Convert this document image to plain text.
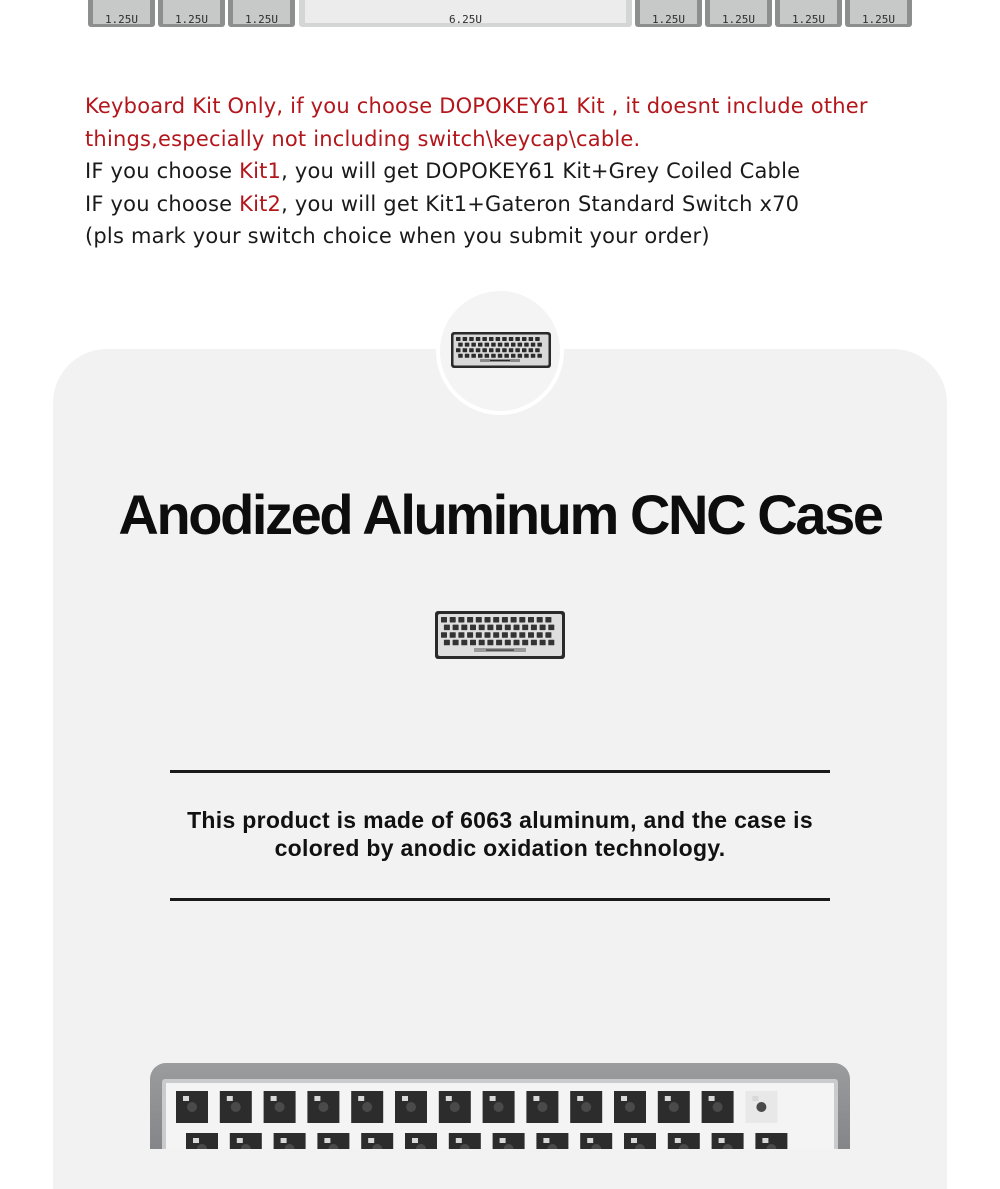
1.25U	1.25U	1.25U	6.25U	1.25U	1.25U	1.25U	1.25U

Keyboard Kit Only, if you choose DOPOKEY61 Kit , it doesnt include other

things,especially not including switch\keycap\cable.

IF you choose Kit1, you will get DOPOKEY61 Kit+Grey Coiled Cable

IF you choose Kit2, you will get Kit1+Gateron Standard Switch x70

(pls mark your switch choice when you submit your order)

Anodized Aluminum CNC Case
This product is made of 6063 aluminum, and the case is
colored by anodic oxidation technology.
